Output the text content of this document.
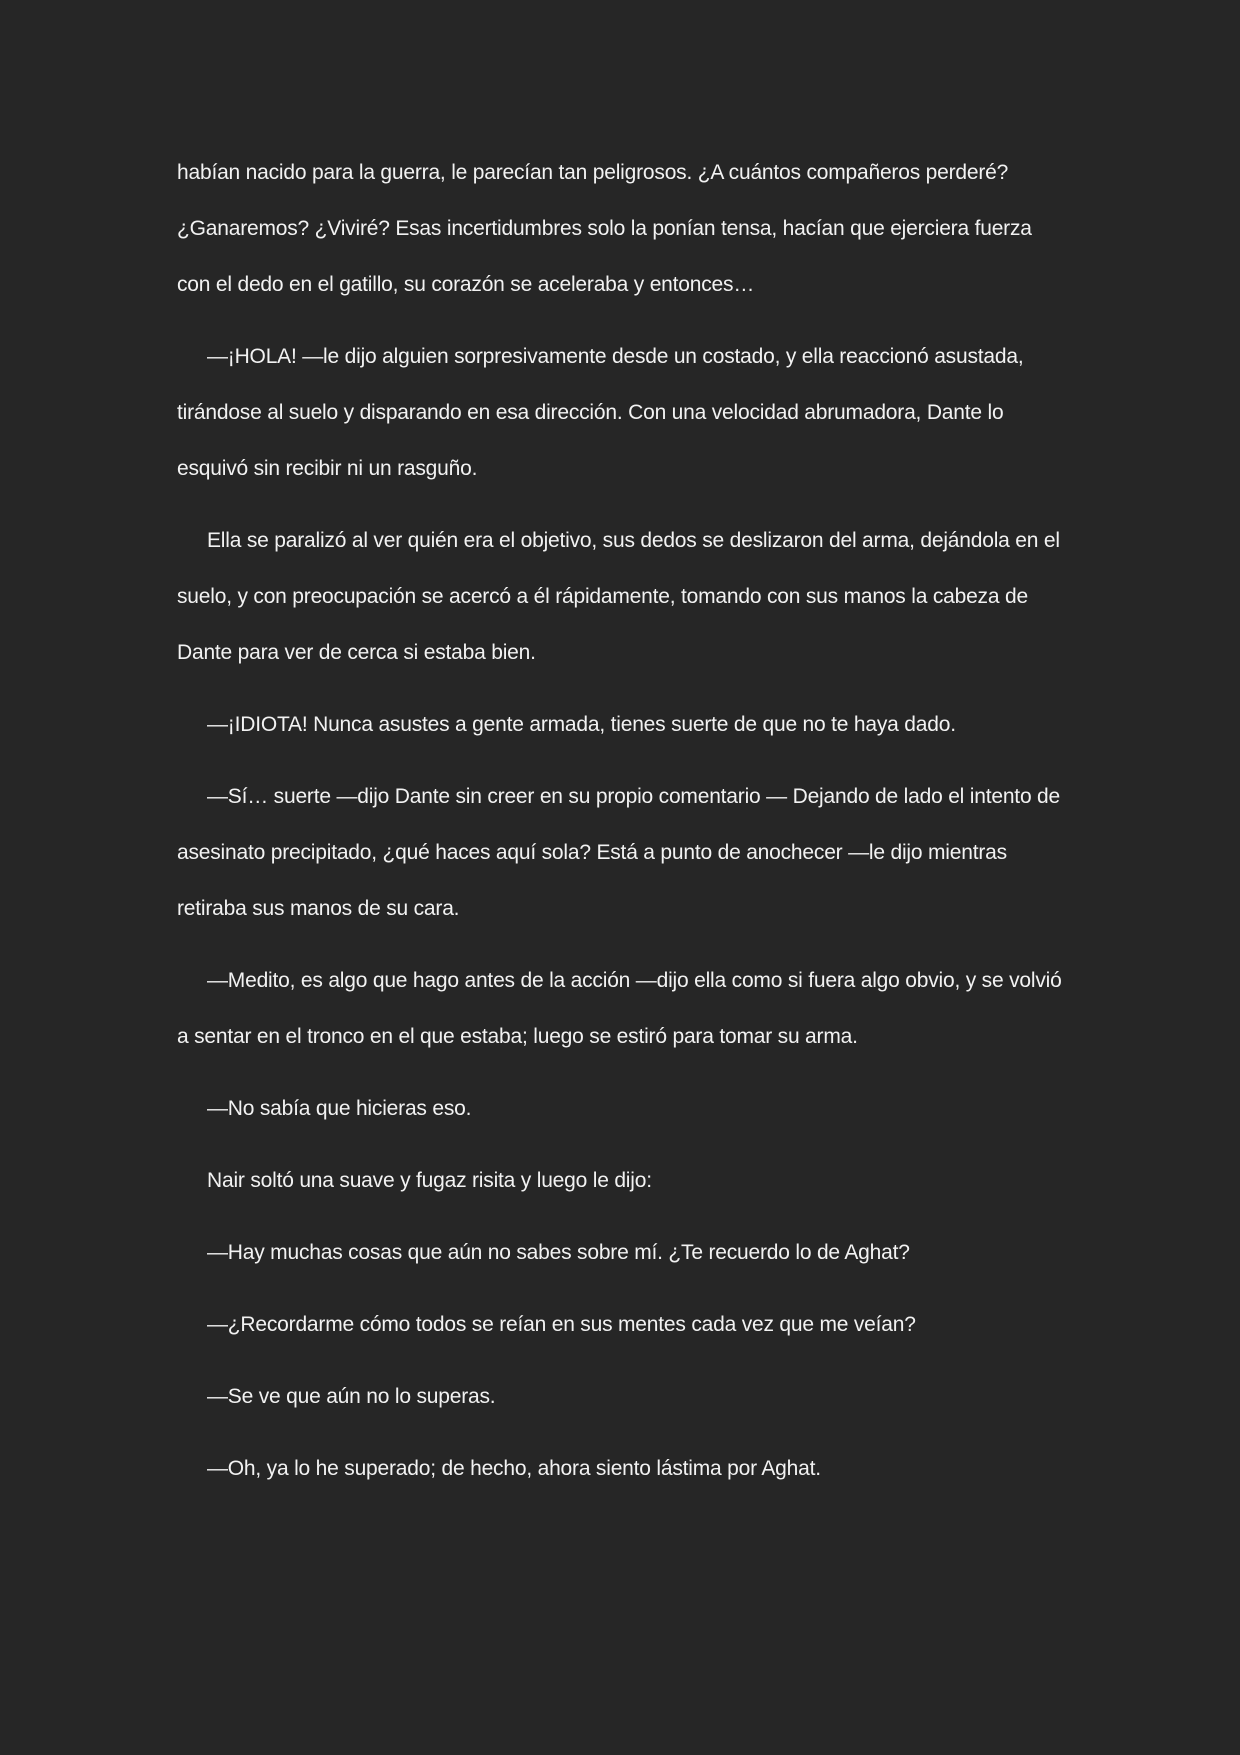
habían nacido para la guerra, le parecían tan peligrosos. ¿A cuántos compañeros perderé? ¿Ganaremos? ¿Viviré? Esas incertidumbres solo la ponían tensa, hacían que ejerciera fuerza con el dedo en el gatillo, su corazón se aceleraba y entonces…

—¡HOLA! —le dijo alguien sorpresivamente desde un costado, y ella reaccionó asustada, tirándose al suelo y disparando en esa dirección. Con una velocidad abrumadora, Dante lo esquivó sin recibir ni un rasguño.

Ella se paralizó al ver quién era el objetivo, sus dedos se deslizaron del arma, dejándola en el suelo, y con preocupación se acercó a él rápidamente, tomando con sus manos la cabeza de Dante para ver de cerca si estaba bien.

—¡IDIOTA! Nunca asustes a gente armada, tienes suerte de que no te haya dado.

—Sí… suerte —dijo Dante sin creer en su propio comentario — Dejando de lado el intento de asesinato precipitado, ¿qué haces aquí sola? Está a punto de anochecer —le dijo mientras retiraba sus manos de su cara.

—Medito, es algo que hago antes de la acción —dijo ella como si fuera algo obvio, y se volvió a sentar en el tronco en el que estaba; luego se estiró para tomar su arma.

—No sabía que hicieras eso.

Nair soltó una suave y fugaz risita y luego le dijo:

—Hay muchas cosas que aún no sabes sobre mí. ¿Te recuerdo lo de Aghat?

—¿Recordarme cómo todos se reían en sus mentes cada vez que me veían?

—Se ve que aún no lo superas.

—Oh, ya lo he superado; de hecho, ahora siento lástima por Aghat.
